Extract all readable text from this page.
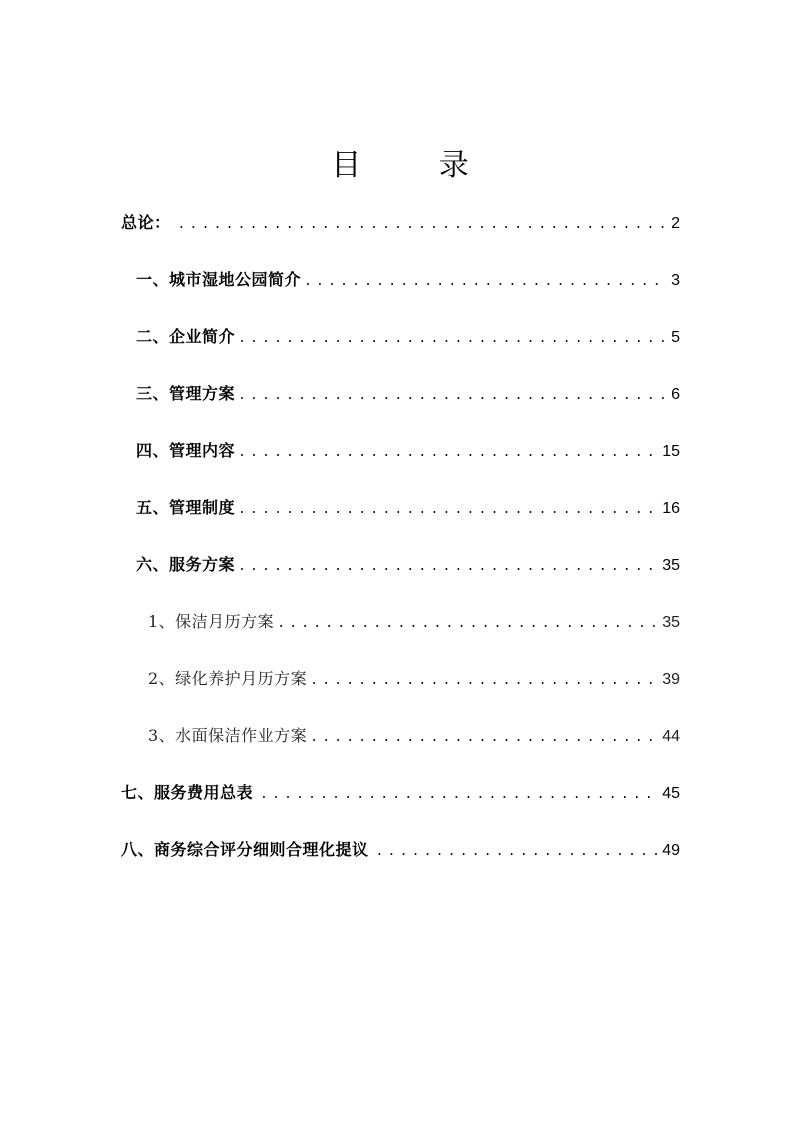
目 录
总论： .....	2
一、城市湿地公园简介 .....	3
二、企业简介 .....	5
三、管理方案 .....	6
四、管理内容 .....	15
五、管理制度 .....	16
六、服务方案 .....	35
1、保洁月历方案 .....	35
2、绿化养护月历方案 .....	39
3、水面保洁作业方案 .....	44
七、服务费用总表 .....	45
八、商务综合评分细则合理化提议 .....	49
